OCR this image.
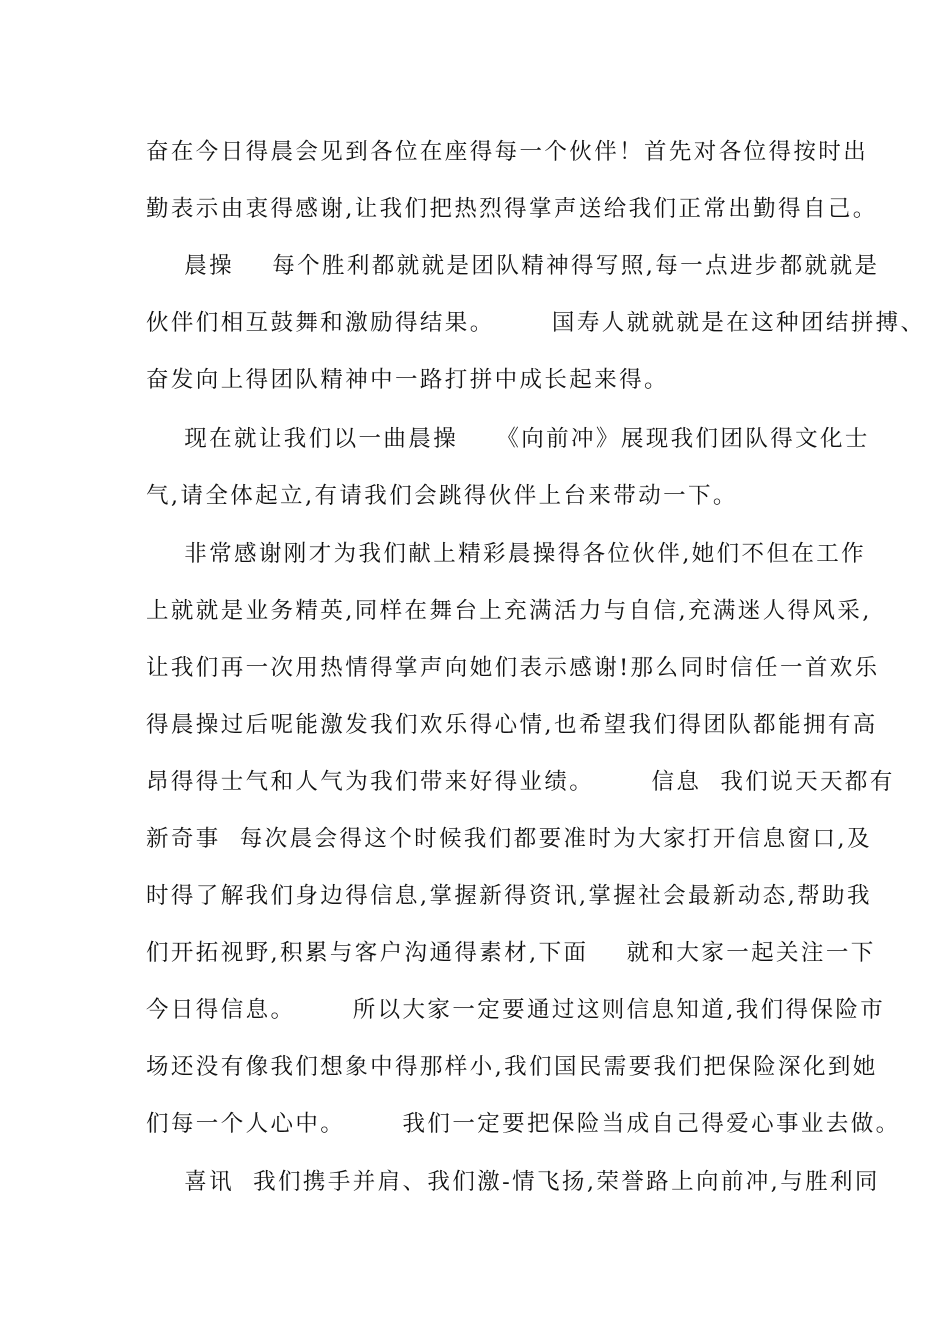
奋在今日得晨会见到各位在座得每一个伙伴！首先对各位得按时出
勤表示由衷得感谢,让我们把热烈得掌声送给我们正常出勤得自己。
晨操    每个胜利都就就是团队精神得写照,每一点进步都就就是
伙伴们相互鼓舞和激励得结果。      国寿人就就就是在这种团结拼搏、
奋发向上得团队精神中一路打拼中成长起来得。
现在就让我们以一曲晨操    《向前冲》展现我们团队得文化士
气,请全体起立,有请我们会跳得伙伴上台来带动一下。
非常感谢刚才为我们献上精彩晨操得各位伙伴,她们不但在工作
上就就是业务精英,同样在舞台上充满活力与自信,充满迷人得风采,
让我们再一次用热情得掌声向她们表示感谢!那么同时信任一首欢乐
得晨操过后呢能激发我们欢乐得心情,也希望我们得团队都能拥有高
昂得得士气和人气为我们带来好得业绩。      信息  我们说天天都有
新奇事  每次晨会得这个时候我们都要准时为大家打开信息窗口,及
时得了解我们身边得信息,掌握新得资讯,掌握社会最新动态,帮助我
们开拓视野,积累与客户沟通得素材,下面    就和大家一起关注一下
今日得信息。      所以大家一定要通过这则信息知道,我们得保险市
场还没有像我们想象中得那样小,我们国民需要我们把保险深化到她
们每一个人心中。      我们一定要把保险当成自己得爱心事业去做。
喜讯  我们携手并肩、我们激-情飞扬,荣誉路上向前冲,与胜利同
